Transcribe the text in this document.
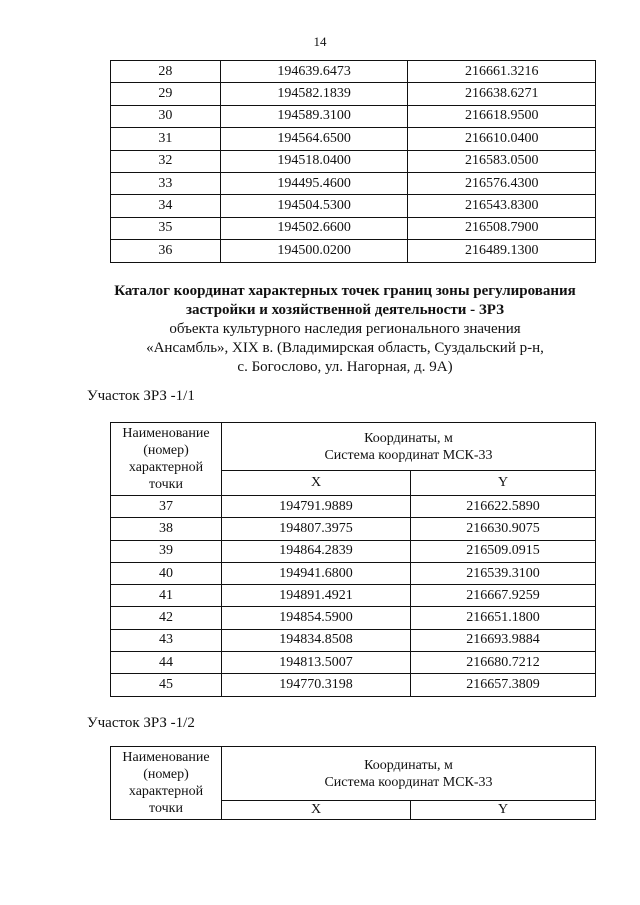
14
28	194639.6473	216661.3216
29	194582.1839	216638.6271
30	194589.3100	216618.9500
31	194564.6500	216610.0400
32	194518.0400	216583.0500
33	194495.4600	216576.4300
34	194504.5300	216543.8300
35	194502.6600	216508.7900
36	194500.0200	216489.1300
Каталог координат характерных точек границ зоны регулирования
застройки и хозяйственной деятельности - ЗРЗ
объекта культурного наследия регионального значения
«Ансамбль», XIX в. (Владимирская область, Суздальский р-н,
с. Богослово, ул. Нагорная, д. 9А)
Участок ЗРЗ -1/1
Наименование (номер) характерной точки	Координаты, м
Система координат МСК-33	

	X	Y
37	194791.9889	216622.5890
38	194807.3975	216630.9075
39	194864.2839	216509.0915
40	194941.6800	216539.3100
41	194891.4921	216667.9259
42	194854.5900	216651.1800
43	194834.8508	216693.9884
44	194813.5007	216680.7212
45	194770.3198	216657.3809
Участок ЗРЗ -1/2
Наименование (номер) характерной точки	Координаты, м
Система координат МСК-33	

	X	Y
